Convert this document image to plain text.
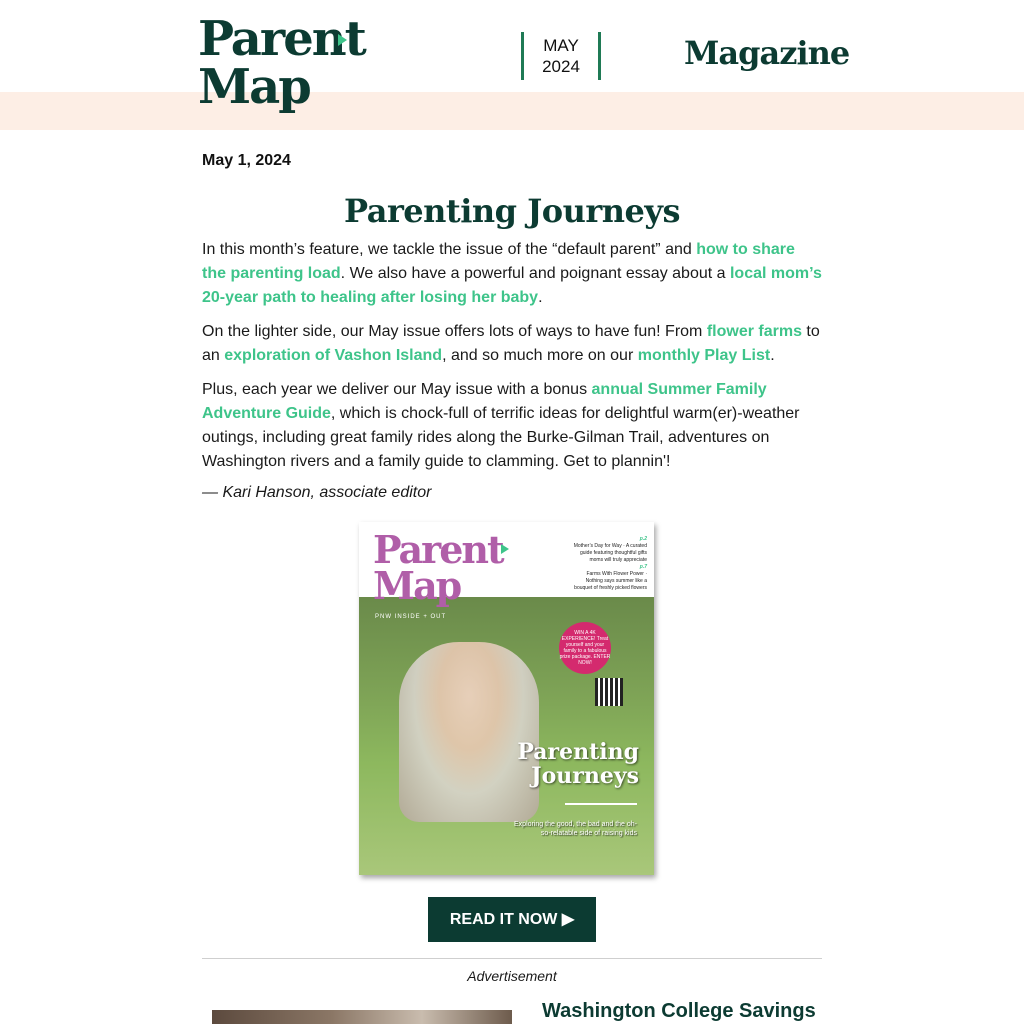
Parent
Map
MAY
2024	Magazine
May 1, 2024
Parenting Journeys

In this month’s feature, we tackle the issue of the “default parent” and how to share the parenting load. We also have a powerful and poignant essay about a local mom’s 20-year path to healing after losing her baby.

On the lighter side, our May issue offers lots of ways to have fun! From flower farms to an exploration of Vashon Island, and so much more on our monthly Play List.

Plus, each year we deliver our May issue with a bonus annual Summer Family Adventure Guide, which is chock-full of terrific ideas for delightful warm(er)-weather outings, including great family rides along the Burke-Gilman Trail, adventures on Washington rivers and a family guide to clamming. Get to plannin'!

— Kari Hanson, associate editor
Parent
Map
PNW INSIDE + OUT
p.2
Mother’s Day for Way · A curated guide featuring thoughtful gifts moms will truly appreciate
p.7
Farms With Flower Power · Nothing says summer like a bouquet of freshly picked flowers
WIN A 4K EXPERIENCE! Treat yourself and your family to a fabulous prize package. ENTER NOW!
Parenting
Journeys
Exploring the good, the bad and the oh-so-relatable side of raising kids
READ IT NOW ▶
Advertisement
Washington College Savings
